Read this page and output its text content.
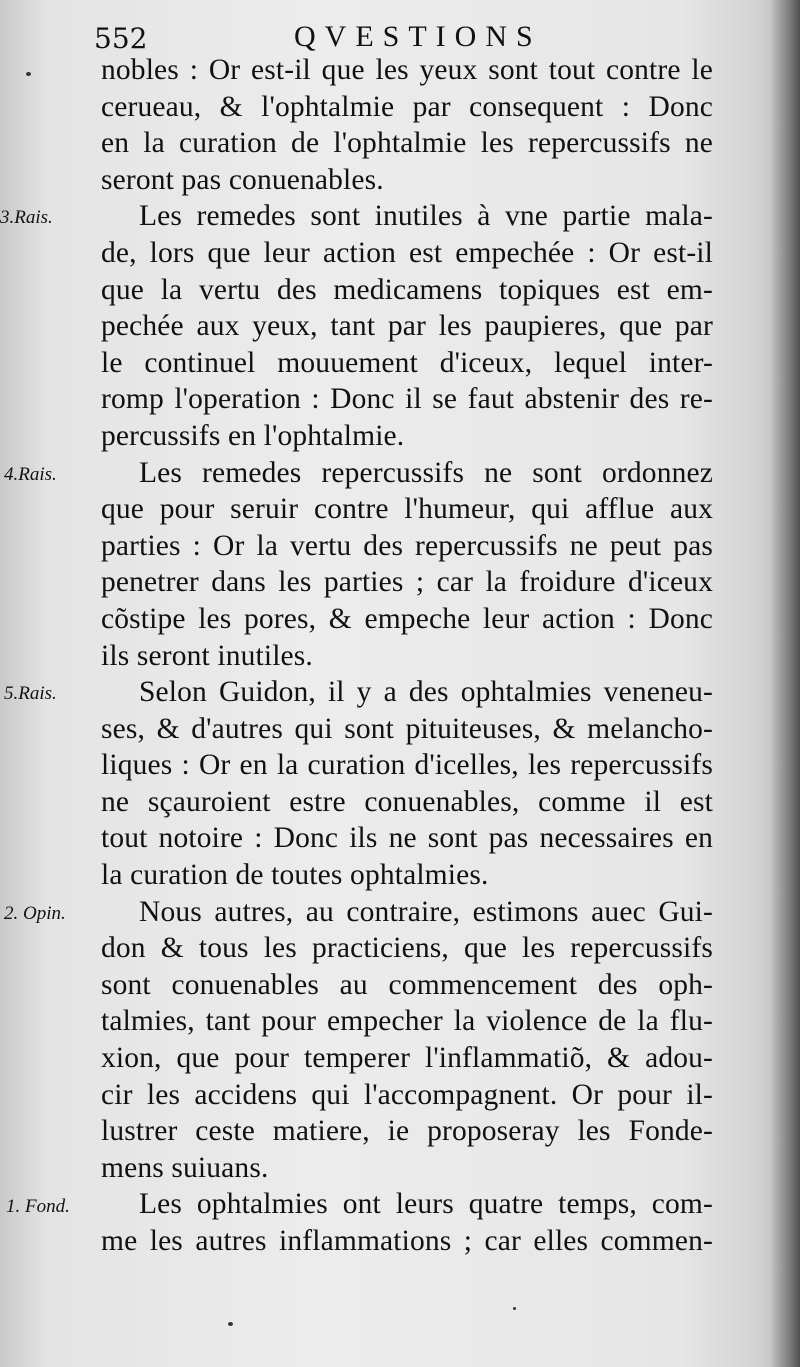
552	QVESTIONS
3.Rais.
4.Rais.
5.Rais.
2. Opin.
1. Fond.
nobles : Or est-il que les yeux sont tout contre le
cerueau, & l'ophtalmie par consequent : Donc
en la curation de l'ophtalmie les repercussifs ne
seront pas conuenables.
Les remedes sont inutiles à vne partie mala-
de, lors que leur action est empechée : Or est-il
que la vertu des medicamens topiques est em-
pechée aux yeux, tant par les paupieres, que par
le continuel mouuement d'iceux, lequel inter-
romp l'operation : Donc il se faut abstenir des re-
percussifs en l'ophtalmie.
Les remedes repercussifs ne sont ordonnez
que pour seruir contre l'humeur, qui afflue aux
parties : Or la vertu des repercussifs ne peut pas
penetrer dans les parties ; car la froidure d'iceux
cõstipe les pores, & empeche leur action : Donc
ils seront inutiles.
Selon Guidon, il y a des ophtalmies veneneu-
ses, & d'autres qui sont pituiteuses, & melancho-
liques : Or en la curation d'icelles, les repercussifs
ne sçauroient estre conuenables, comme il est
tout notoire : Donc ils ne sont pas necessaires en
la curation de toutes ophtalmies.
Nous autres, au contraire, estimons auec Gui-
don & tous les practiciens, que les repercussifs
sont conuenables au commencement des oph-
talmies, tant pour empecher la violence de la flu-
xion, que pour temperer l'inflammatiõ, & adou-
cir les accidens qui l'accompagnent. Or pour il-
lustrer ceste matiere, ie proposeray les Fonde-
mens suiuans.
Les ophtalmies ont leurs quatre temps, com-
me les autres inflammations ; car elles commen-
